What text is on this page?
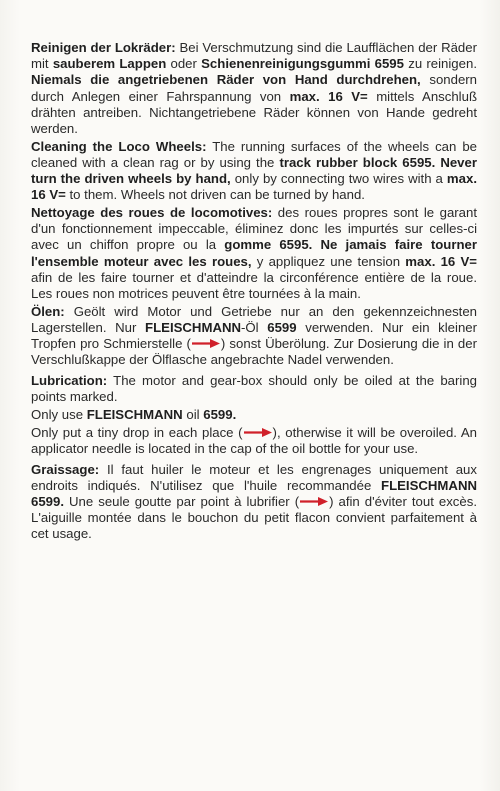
Reinigen der Lokräder: Bei Verschmutzung sind die Laufflächen der Räder mit sauberem Lappen oder Schienenreinigungsgummi 6595 zu reinigen. Niemals die angetriebenen Räder von Hand durchdrehen, sondern durch Anlegen einer Fahrspannung von max. 16 V= mittels Anschluß drähten antreiben. Nichtangetriebene Räder können von Hande gedreht werden.

Cleaning the Loco Wheels: The running surfaces of the wheels can be cleaned with a clean rag or by using the track rubber block 6595. Never turn the driven wheels by hand, only by connecting two wires with a max. 16 V= to them. Wheels not driven can be turned by hand.

Nettoyage des roues de locomotives: des roues propres sont le garant d'un fonctionnement impeccable, éliminez donc les impurtés sur celles-ci avec un chiffon propre ou la gomme 6595. Ne jamais faire tourner l'ensemble moteur avec les roues, y appliquez une tension max. 16 V= afin de les faire tourner et d'atteindre la circonférence entière de la roue. Les roues non motrices peuvent être tournées à la main.

Ölen: Geölt wird Motor und Getriebe nur an den gekennzeichnesten Lagerstellen. Nur FLEISCHMANN-Öl 6599 verwenden. Nur ein kleiner Tropfen pro Schmierstelle ( ) sonst Überölung. Zur Dosierung die in der Verschlußkappe der Ölflasche angebrachte Nadel verwenden.

Lubrication: The motor and gear-box should only be oiled at the baring points marked.

Only use FLEISCHMANN oil 6599.

Only put a tiny drop in each place ( ), otherwise it will be overoiled. An applicator needle is located in the cap of the oil bottle for your use.

Graissage: Il faut huiler le moteur et les engrenages uniquement aux endroits indiqués. N'utilisez que l'huile recommandée FLEISCHMANN 6599. Une seule goutte par point à lubrifier ( ) afin d'éviter tout excès. L'aiguille montée dans le bouchon du petit flacon convient parfaitement à cet usage.
